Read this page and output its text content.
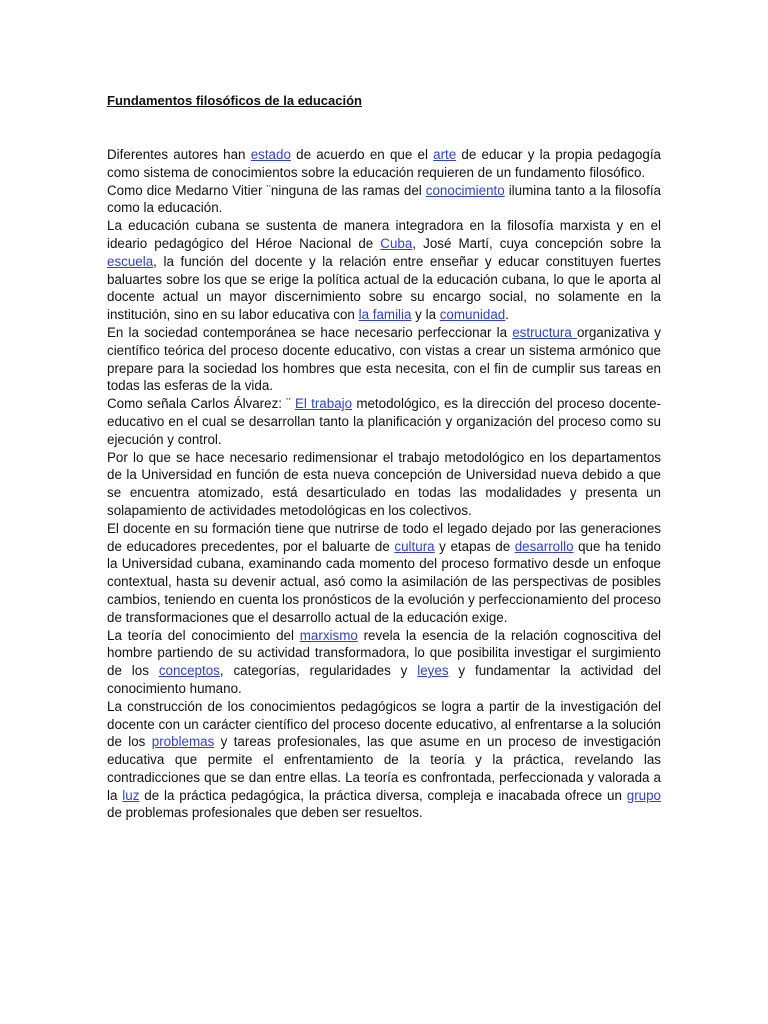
Fundamentos filosóficos de la educación

Diferentes autores han estado de acuerdo en que el arte de educar y la propia pedagogía como sistema de conocimientos sobre la educación requieren de un fundamento filosófico.

Como dice Medarno Vitier ¨ninguna de las ramas del conocimiento ilumina tanto a la filosofía como la educación.

La educación cubana se sustenta de manera integradora en la filosofía marxista y en el ideario pedagógico del Héroe Nacional de Cuba, José Martí, cuya concepción sobre la escuela, la función del docente y la relación entre enseñar y educar constituyen fuertes baluartes sobre los que se erige la política actual de la educación cubana, lo que le aporta al docente actual un mayor discernimiento sobre su encargo social, no solamente en la institución, sino en su labor educativa con la familia y la comunidad.

En la sociedad contemporánea se hace necesario perfeccionar la estructura organizativa y científico teórica del proceso docente educativo, con vistas a crear un sistema armónico que prepare para la sociedad los hombres que esta necesita, con el fin de cumplir sus tareas en todas las esferas de la vida.

Como señala Carlos Álvarez: ¨ El trabajo metodológico, es la dirección del proceso docente- educativo en el cual se desarrollan tanto la planificación y organización del proceso como su ejecución y control.

Por lo que se hace necesario redimensionar el trabajo metodológico en los departamentos de la Universidad en función de esta nueva concepción de Universidad nueva debido a que se encuentra atomizado, está desarticulado en todas las modalidades y presenta un solapamiento de actividades metodológicas en los colectivos.

El docente en su formación tiene que nutrirse de todo el legado dejado por las generaciones de educadores precedentes, por el baluarte de cultura y etapas de desarrollo que ha tenido la Universidad cubana, examinando cada momento del proceso formativo desde un enfoque contextual, hasta su devenir actual, asó como la asimilación de las perspectivas de posibles cambios, teniendo en cuenta los pronósticos de la evolución y perfeccionamiento del proceso de transformaciones que el desarrollo actual de la educación exige.

La teoría del conocimiento del marxismo revela la esencia de la relación cognoscitiva del hombre partiendo de su actividad transformadora, lo que posibilita investigar el surgimiento de los conceptos, categorías, regularidades y leyes y fundamentar la actividad del conocimiento humano.

La construcción de los conocimientos pedagógicos se logra a partir de la investigación del docente con un carácter científico del proceso docente educativo, al enfrentarse a la solución de los problemas y tareas profesionales, las que asume en un proceso de investigación educativa que permite el enfrentamiento de la teoría y la práctica, revelando las contradicciones que se dan entre ellas. La teoría es confrontada, perfeccionada y valorada a la luz de la práctica pedagógica, la práctica diversa, compleja e inacabada ofrece un grupo de problemas profesionales que deben ser resueltos.
